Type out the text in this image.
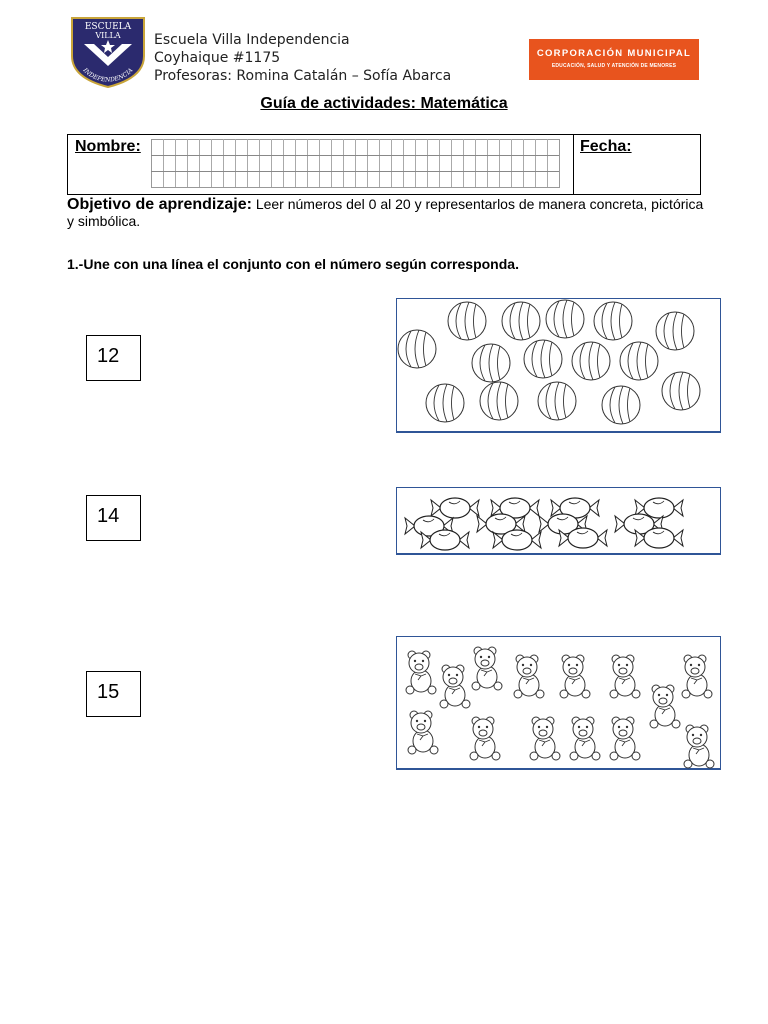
ESCUELA
VILLA
INDEPENDENCIA
Escuela Villa Independencia
Coyhaique #1175
Profesoras: Romina Catalán – Sofía Abarca
CORPORACIÓN MUNICIPAL
EDUCACIÓN, SALUD Y ATENCIÓN DE MENORES
Guía de actividades: Matemática
Nombre:	Fecha:
Objetivo de aprendizaje: Leer números del 0 al 20 y representarlos de manera concreta, pictórica y simbólica.
1.-Une con una línea el conjunto con el número según corresponda.
12
14
15
